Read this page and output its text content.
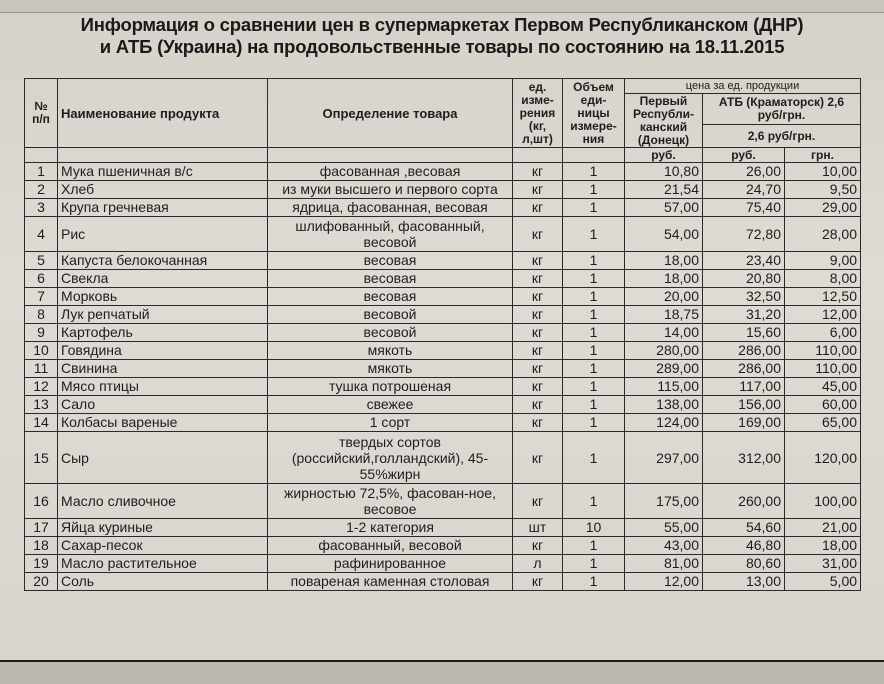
Информация о сравнении цен в супермаркетах Первом Республиканском (ДНР)
и АТБ (Украина) на продовольственные товары по состоянию на 18.11.2015
№ п/п	Наименование продукта	Определение товара	ед. изме-рения (кг, л,шт)	Объем еди-ницы измере-ния	цена за ед. продукции		
					Первый Республи-канский (Донецк)	АТБ (Краматорск) 2,6 руб/грн.	
						2,6 руб/грн.	
					руб.	руб.	грн.
1	Мука пшеничная в/с	фасованная ,весовая	кг	1	10,80	26,00	10,00
2	Хлеб	из муки высшего и первого сорта	кг	1	21,54	24,70	9,50
3	Крупа гречневая	ядрица, фасованная, весовая	кг	1	57,00	75,40	29,00
4	Рис	шлифованный, фасованный, весовой	кг	1	54,00	72,80	28,00
5	Капуста белокочанная	весовая	кг	1	18,00	23,40	9,00
6	Свекла	весовая	кг	1	18,00	20,80	8,00
7	Морковь	весовая	кг	1	20,00	32,50	12,50
8	Лук репчатый	весовой	кг	1	18,75	31,20	12,00
9	Картофель	весовой	кг	1	14,00	15,60	6,00
10	Говядина	мякоть	кг	1	280,00	286,00	110,00
11	Свинина	мякоть	кг	1	289,00	286,00	110,00
12	Мясо птицы	тушка потрошеная	кг	1	115,00	117,00	45,00
13	Сало	свежее	кг	1	138,00	156,00	60,00
14	Колбасы вареные	1 сорт	кг	1	124,00	169,00	65,00
15	Сыр	твердых сортов (российский,голландский), 45-55%жирн	кг	1	297,00	312,00	120,00
16	Масло сливочное	жирностью 72,5%, фасован-ное, весовое	кг	1	175,00	260,00	100,00
17	Яйца куриные	1-2 категория	шт	10	55,00	54,60	21,00
18	Сахар-песок	фасованный, весовой	кг	1	43,00	46,80	18,00
19	Масло растительное	рафинированное	л	1	81,00	80,60	31,00
20	Соль	повареная каменная столовая	кг	1	12,00	13,00	5,00
